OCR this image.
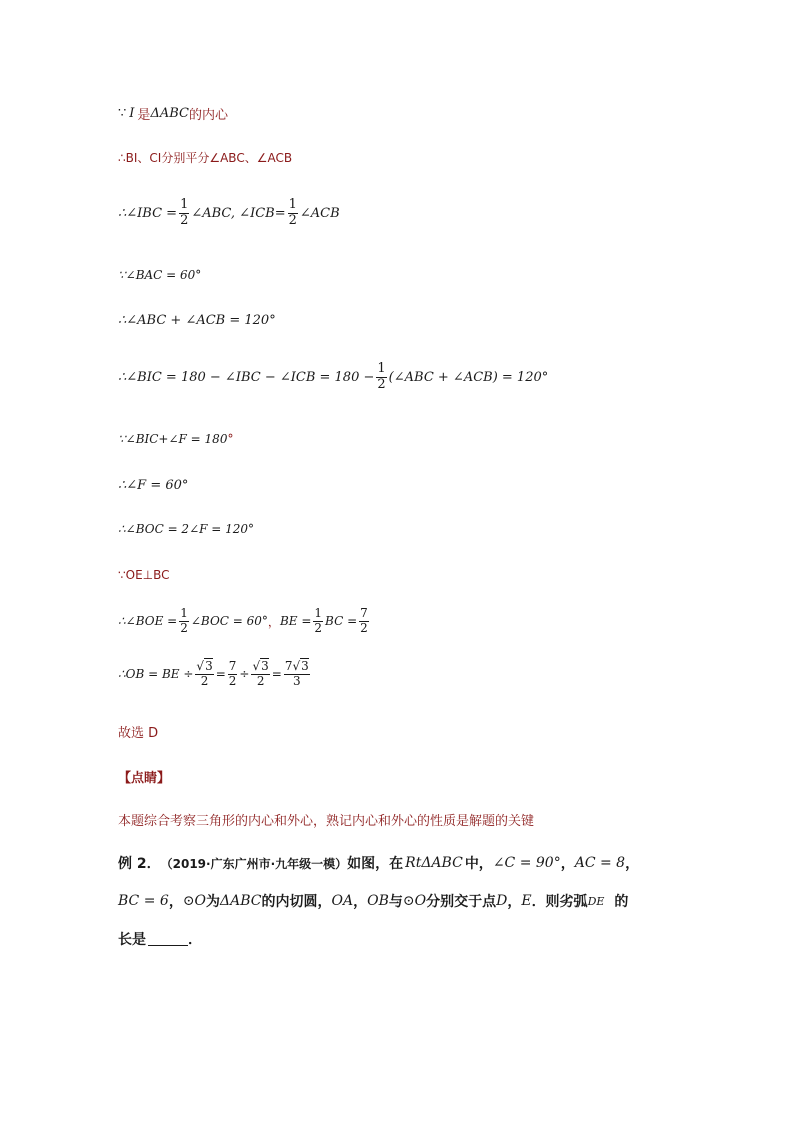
∵ I 是 ΔABC 的内心
∴BI、CI分别平分∠ABC、∠ACB
∴∠IBC = $\frac{1}{2}$ ∠ABC, ∠ICB= $\frac{1}{2}$ ∠ACB
∵∠BAC = 60°
∴∠ABC + ∠ACB = 120°
∴∠BIC = 180 − ∠IBC − ∠ICB = $180 - \frac{1}{2}$ (∠ABC + ∠ACB) = 120°
∵∠BIC+∠F = 180 °
∴∠F = 60°
∴∠BOC = 2∠F = 120°
∵OE⊥BC
∴∠BOE = $\frac{1}{2}$ ∠BOC = 60° ， BE = $\frac{1}{2}$ BC = $\frac{7}{2}$
∴OB = BE ÷ $\frac{√3}{2} = \frac{7}{2} \div \frac{√3}{2} = \frac{7√3}{3}$
故选 D
【点睛】
本题综合考察三角形的内心和外心，熟记内心和外心的性质是解题的关键
例 2． （2019·广东广州市·九年级一模） 如图，在 RtΔABC 中， ∠C = 90° ， AC = 8 ，
BC = 6 ， ⊙O 为 ΔABC 的内切圆， OA ， OB 与 ⊙O 分别交于点 D ， E ．则劣弧 DE 的
长是	．
